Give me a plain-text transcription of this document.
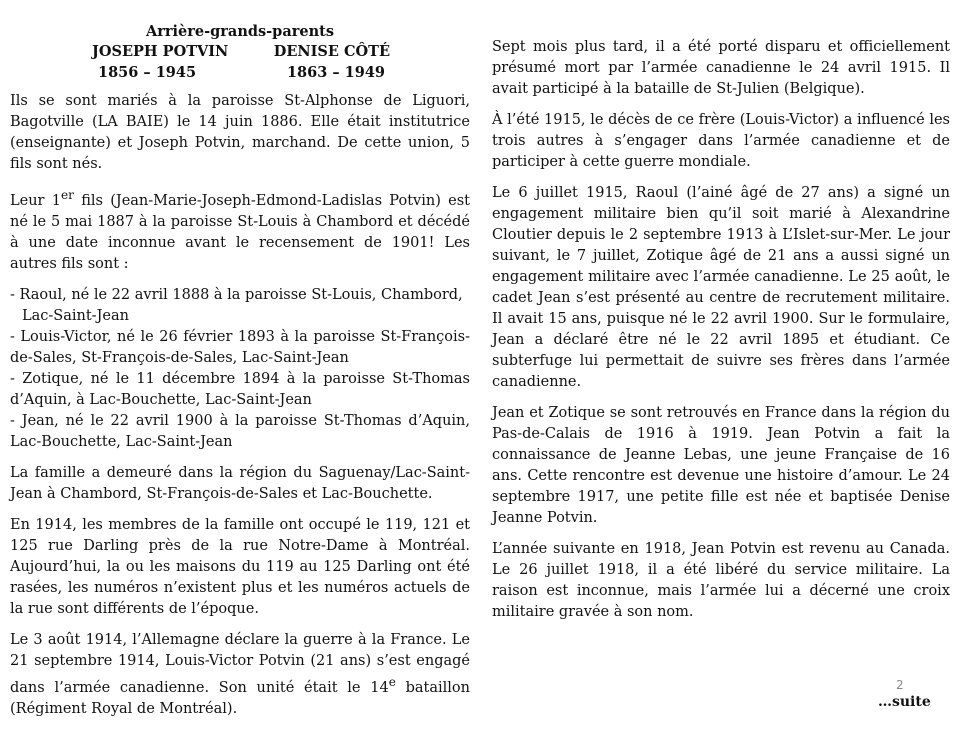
Arrière-grands-parents
JOSEPH POTVIN	DENISE CÔTÉ
1856 – 1945	1863 – 1949

Ils se sont mariés à la paroisse St-Alphonse de Liguori, Bagotville (LA BAIE) le 14 juin 1886. Elle était institutrice (enseignante) et Joseph Potvin, marchand. De cette union, 5 fils sont nés.

Leur 1er fils (Jean-Marie-Joseph-Edmond-Ladislas Potvin) est né le 5 mai 1887 à la paroisse St-Louis à Chambord et décédé à une date inconnue avant le recensement de 1901! Les autres fils sont :

- Raoul, né le 22 avril 1888 à la paroisse St-Louis, Chambord,
Lac-Saint-Jean
- Louis-Victor, né le 26 février 1893 à la paroisse St-François-de-Sales, St-François-de-Sales, Lac-Saint-Jean
- Zotique, né le 11 décembre 1894 à la paroisse St-Thomas d’Aquin, à Lac-Bouchette, Lac-Saint-Jean
- Jean, né le 22 avril 1900 à la paroisse St-Thomas d’Aquin, Lac-Bouchette, Lac-Saint-Jean

La famille a demeuré dans la région du Saguenay/Lac-Saint-Jean à Chambord, St-François-de-Sales et Lac-Bouchette.

En 1914, les membres de la famille ont occupé le 119, 121 et 125 rue Darling près de la rue Notre-Dame à Montréal. Aujourd’hui, la ou les maisons du 119 au 125 Darling ont été rasées, les numéros n’existent plus et les numéros actuels de la rue sont différents de l’époque.

Le 3 août 1914, l’Allemagne déclare la guerre à la France. Le 21 septembre 1914, Louis-Victor Potvin (21 ans) s’est engagé dans l’armée canadienne. Son unité était le 14e bataillon (Régiment Royal de Montréal).

Sept mois plus tard, il a été porté disparu et officiellement présumé mort par l’armée canadienne le 24 avril 1915. Il avait participé à la bataille de St-Julien (Belgique).

À l’été 1915, le décès de ce frère (Louis-Victor) a influencé les trois autres à s’engager dans l’armée canadienne et de participer à cette guerre mondiale.

Le 6 juillet 1915, Raoul (l’ainé âgé de 27 ans) a signé un engagement militaire bien qu’il soit marié à Alexandrine Cloutier depuis le 2 septembre 1913 à L’Islet-sur-Mer. Le jour suivant, le 7 juillet, Zotique âgé de 21 ans a aussi signé un engagement militaire avec l’armée canadienne. Le 25 août, le cadet Jean s’est présenté au centre de recrutement militaire. Il avait 15 ans, puisque né le 22 avril 1900. Sur le formulaire, Jean a déclaré être né le 22 avril 1895 et étudiant. Ce subterfuge lui permettait de suivre ses frères dans l’armée canadienne.

Jean et Zotique se sont retrouvés en France dans la région du Pas-de-Calais de 1916 à 1919. Jean Potvin a fait la connaissance de Jeanne Lebas, une jeune Française de 16 ans. Cette rencontre est devenue une histoire d’amour. Le 24 septembre 1917, une petite fille est née et baptisée Denise Jeanne Potvin.

L’année suivante en 1918, Jean Potvin est revenu au Canada. Le 26 juillet 1918, il a été libéré du service militaire. La raison est inconnue, mais l’armée lui a décerné une croix militaire gravée à son nom.

2
…suite
